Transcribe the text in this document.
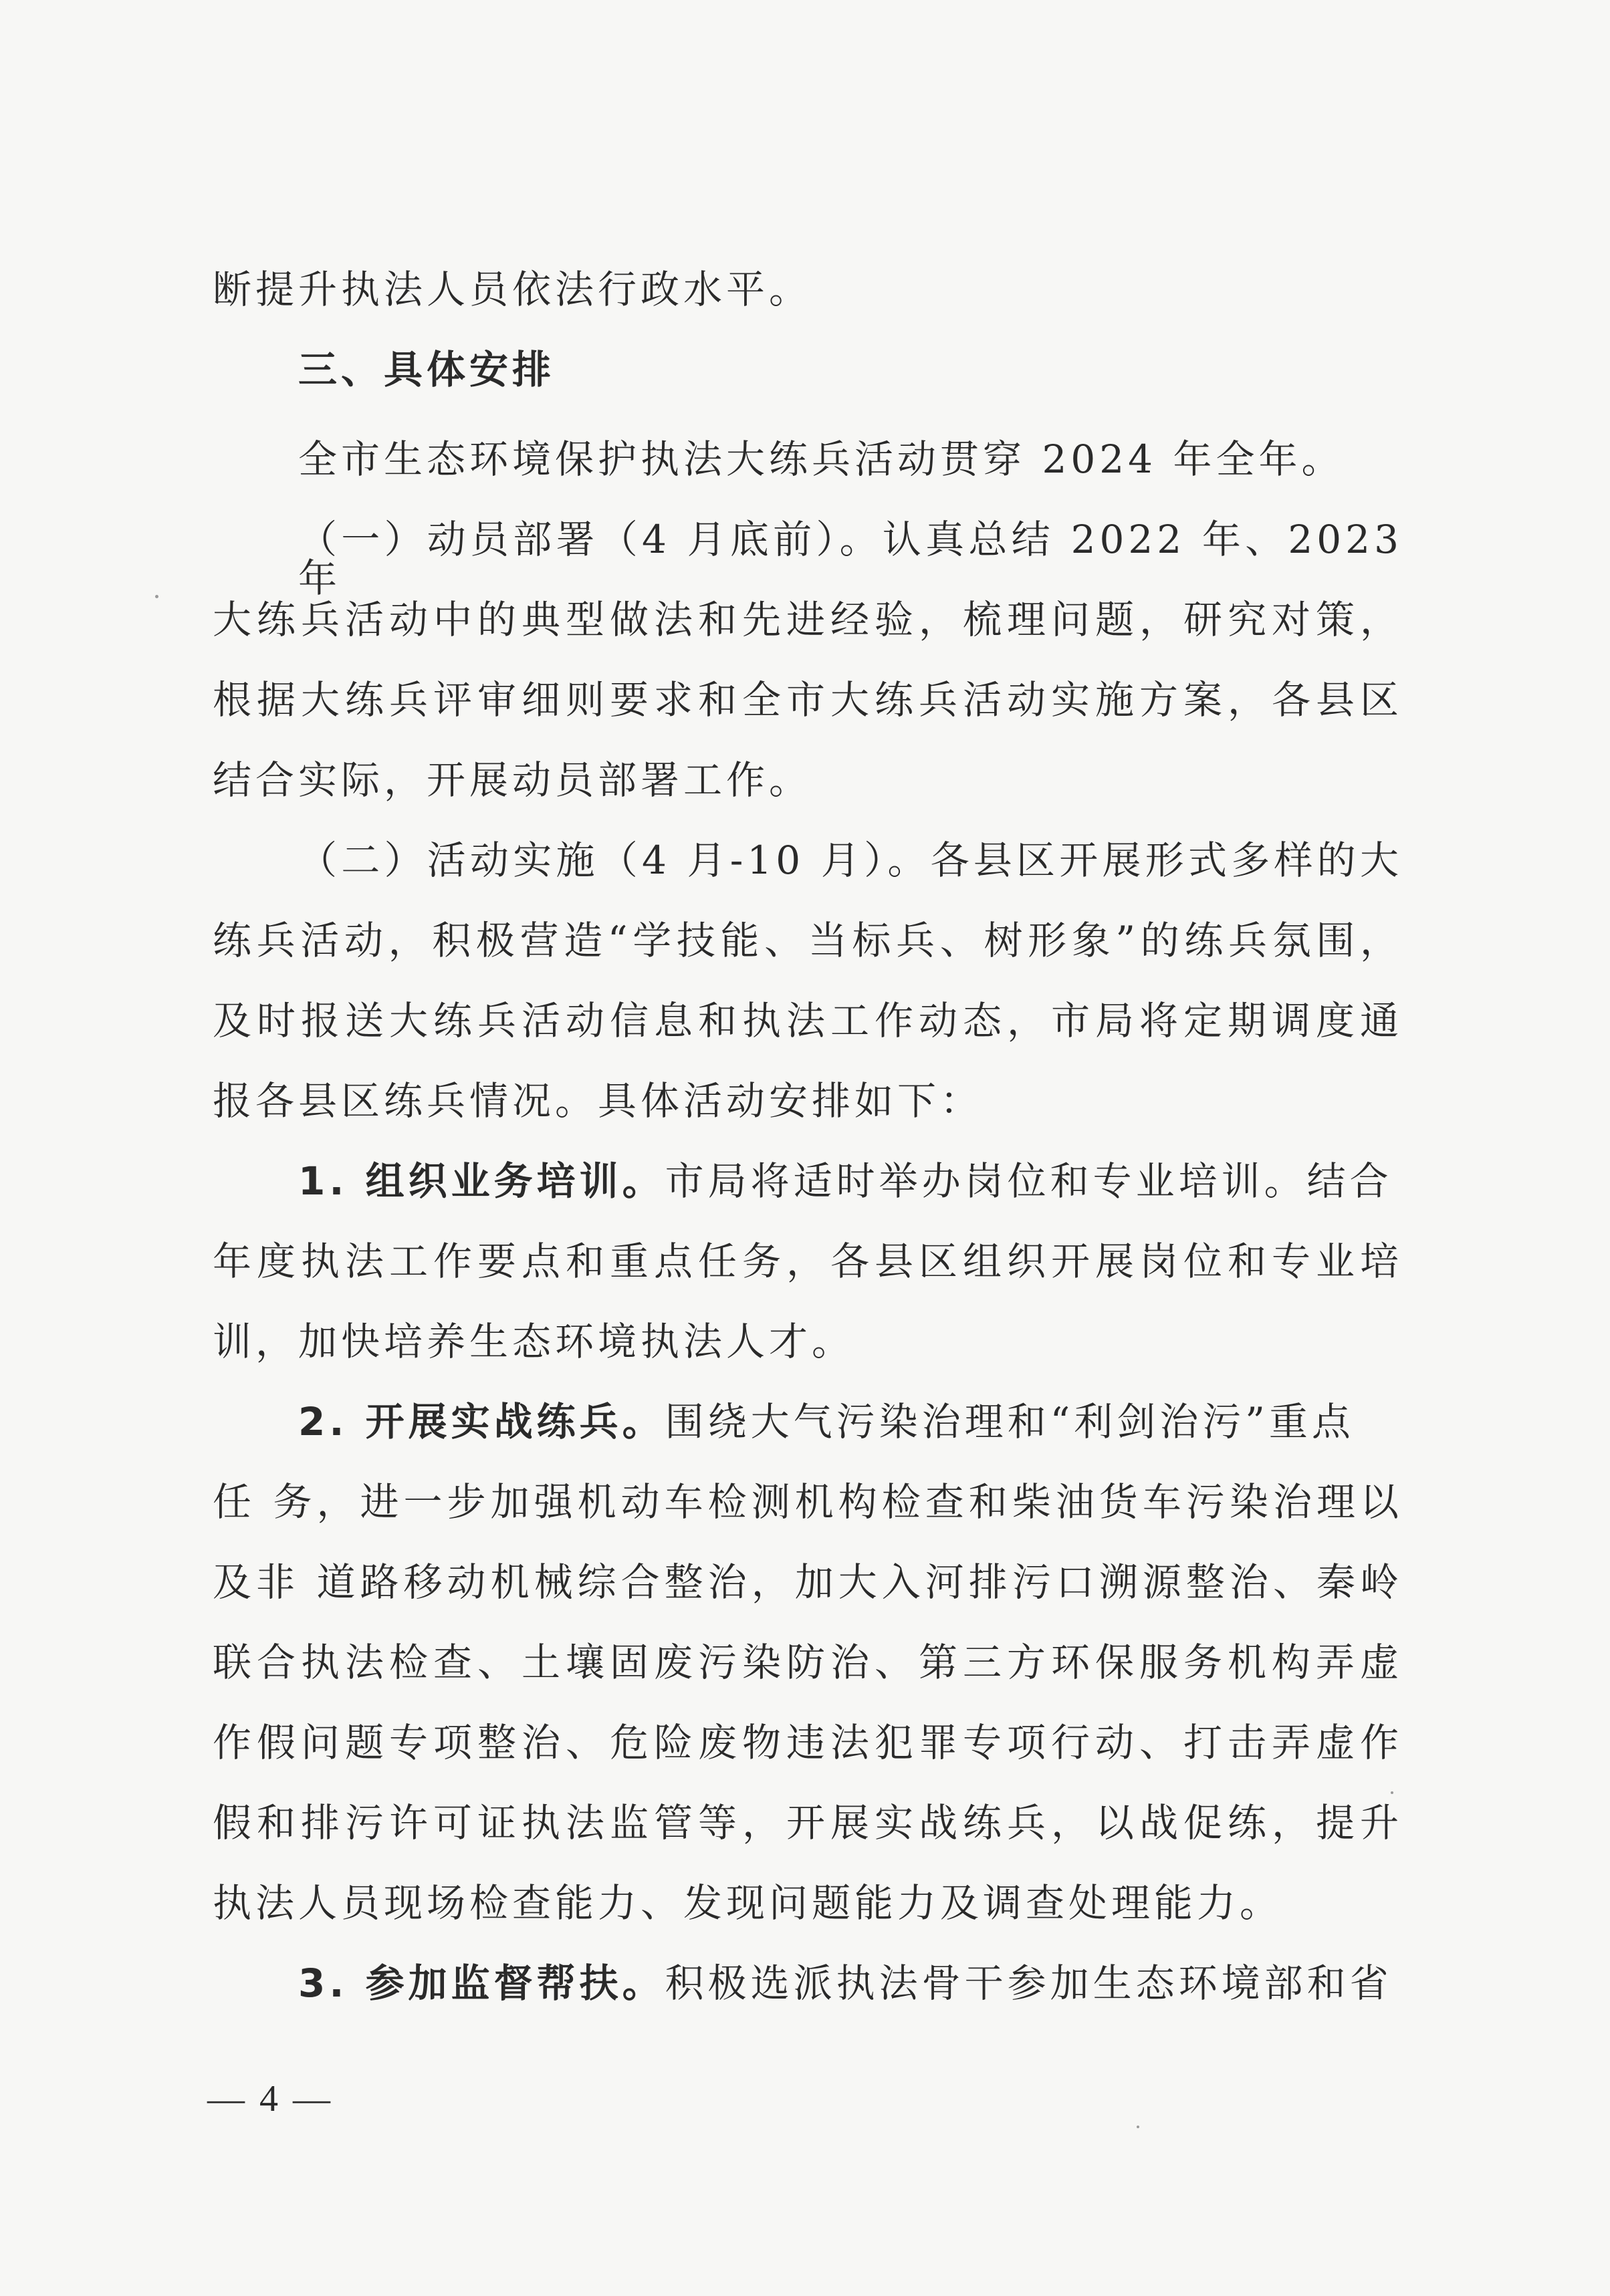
断提升执法人员依法行政水平。
三、具体安排
全市生态环境保护执法大练兵活动贯穿 2024 年全年。
（一）动员部署（4 月底前）。认真总结 2022 年、2023 年
大练兵活动中的典型做法和先进经验，梳理问题，研究对策，
根据大练兵评审细则要求和全市大练兵活动实施方案，各县区
结合实际，开展动员部署工作。
（二）活动实施（4 月-10 月）。各县区开展形式多样的大
练兵活动，积极营造“学技能、当标兵、树形象”的练兵氛围，
及时报送大练兵活动信息和执法工作动态，市局将定期调度通
报各县区练兵情况。具体活动安排如下：
1. 组织业务培训。市局将适时举办岗位和专业培训。结合
年度执法工作要点和重点任务，各县区组织开展岗位和专业培
训，加快培养生态环境执法人才。
2. 开展实战练兵。围绕大气污染治理和“利剑治污”重点
任 务，进一步加强机动车检测机构检查和柴油货车污染治理以
及非 道路移动机械综合整治，加大入河排污口溯源整治、秦岭
联合执法检查、土壤固废污染防治、第三方环保服务机构弄虚
作假问题专项整治、危险废物违法犯罪专项行动、打击弄虚作
假和排污许可证执法监管等，开展实战练兵，以战促练，提升
执法人员现场检查能力、发现问题能力及调查处理能力。
3. 参加监督帮扶。积极选派执法骨干参加生态环境部和省
— 4 —
